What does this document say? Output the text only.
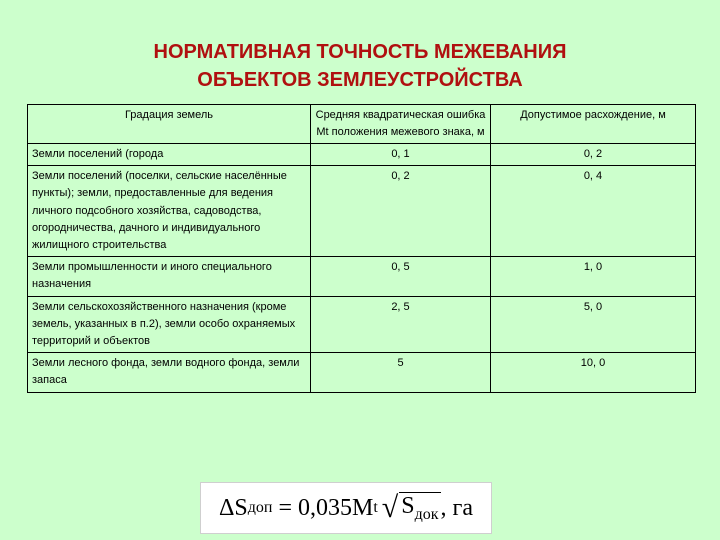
НОРМАТИВНАЯ ТОЧНОСТЬ МЕЖЕВАНИЯ
ОБЪЕКТОВ ЗЕМЛЕУСТРОЙСТВА
Градация земель	Средняя квадратическая ошибка Mt положения межевого знака, м	Допустимое расхождение, м
Земли поселений (города	0, 1	0, 2
Земли поселений (поселки, сельские населённые пункты); земли, предоставленные для ведения личного подсобного хозяйства, садоводства, огородничества, дачного и индивидуального жилищного строительства	0, 2	0, 4
Земли промышленности и иного специального назначения	0, 5	1, 0
Земли сельскохозяйственного назначения (кроме земель, указанных в п.2), земли особо охраняемых территорий и объектов	2, 5	5, 0
Земли лесного фонда, земли водного фонда, земли запаса	5	10, 0
ΔS доп = 0,035M t √ $S_{док}$ , га
